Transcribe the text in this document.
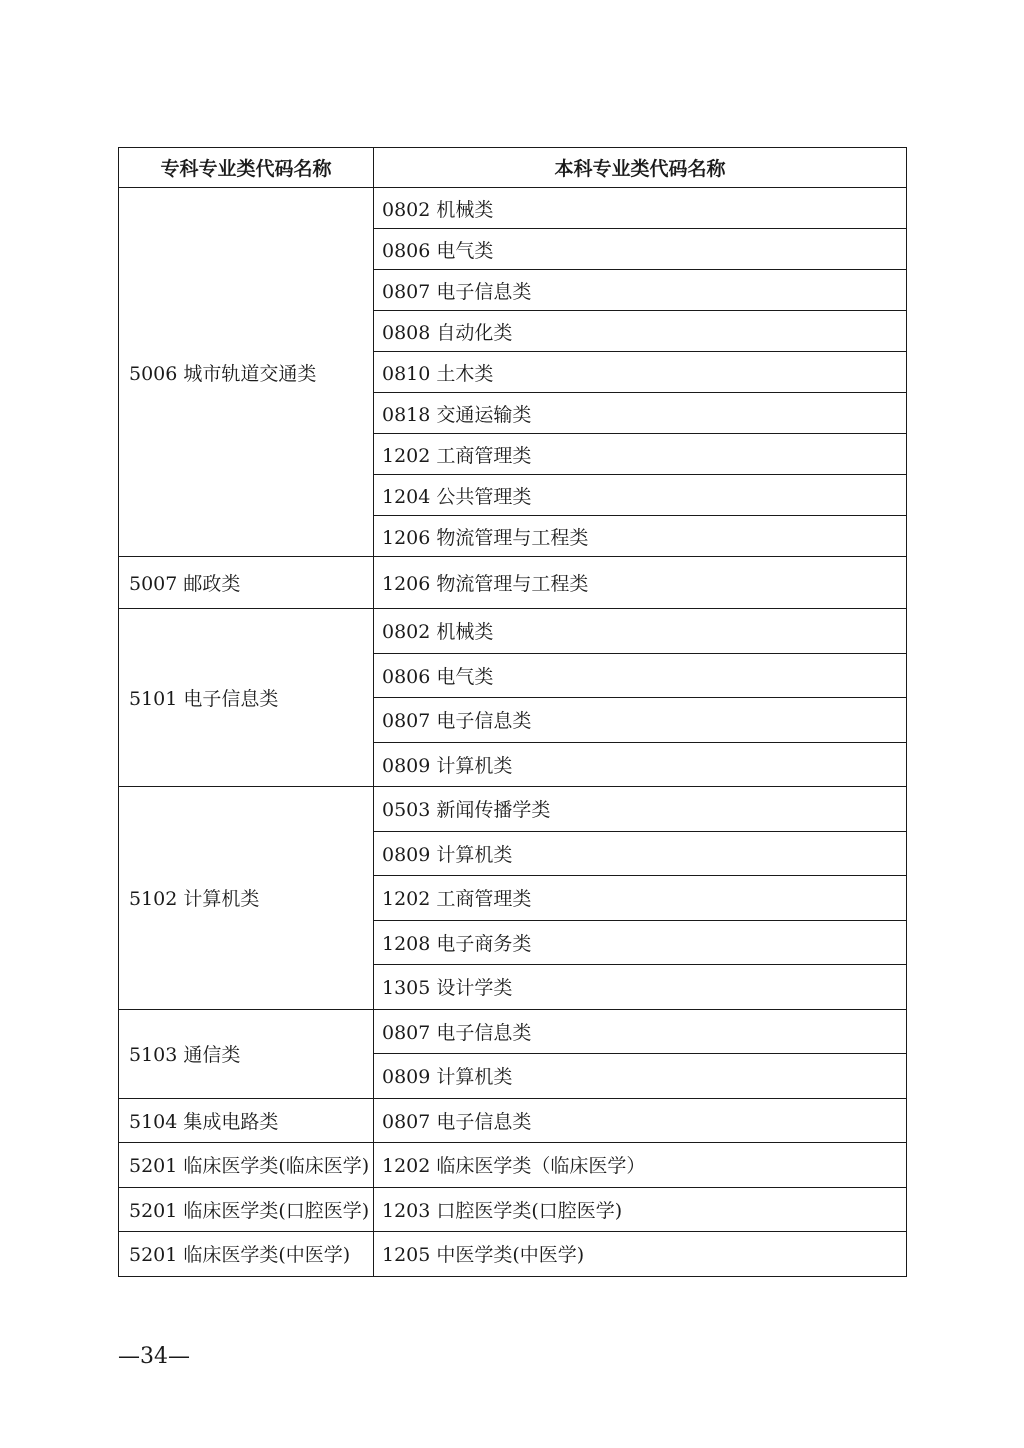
专科专业类代码名称	本科专业类代码名称
5006 城市轨道交通类	0802 机械类
	0806 电气类
	0807 电子信息类
	0808 自动化类
	0810 土木类
	0818 交通运输类
	1202 工商管理类
	1204 公共管理类
	1206 物流管理与工程类
5007 邮政类	1206 物流管理与工程类
5101 电子信息类	0802 机械类
	0806 电气类
	0807 电子信息类
	0809 计算机类
5102 计算机类	0503 新闻传播学类
	0809 计算机类
	1202 工商管理类
	1208 电子商务类
	1305 设计学类
5103 通信类	0807 电子信息类
	0809 计算机类
5104 集成电路类	0807 电子信息类
5201 临床医学类(临床医学)	1202 临床医学类（临床医学）
5201 临床医学类(口腔医学)	1203 口腔医学类(口腔医学)
5201 临床医学类(中医学)	1205 中医学类(中医学)
—34—
